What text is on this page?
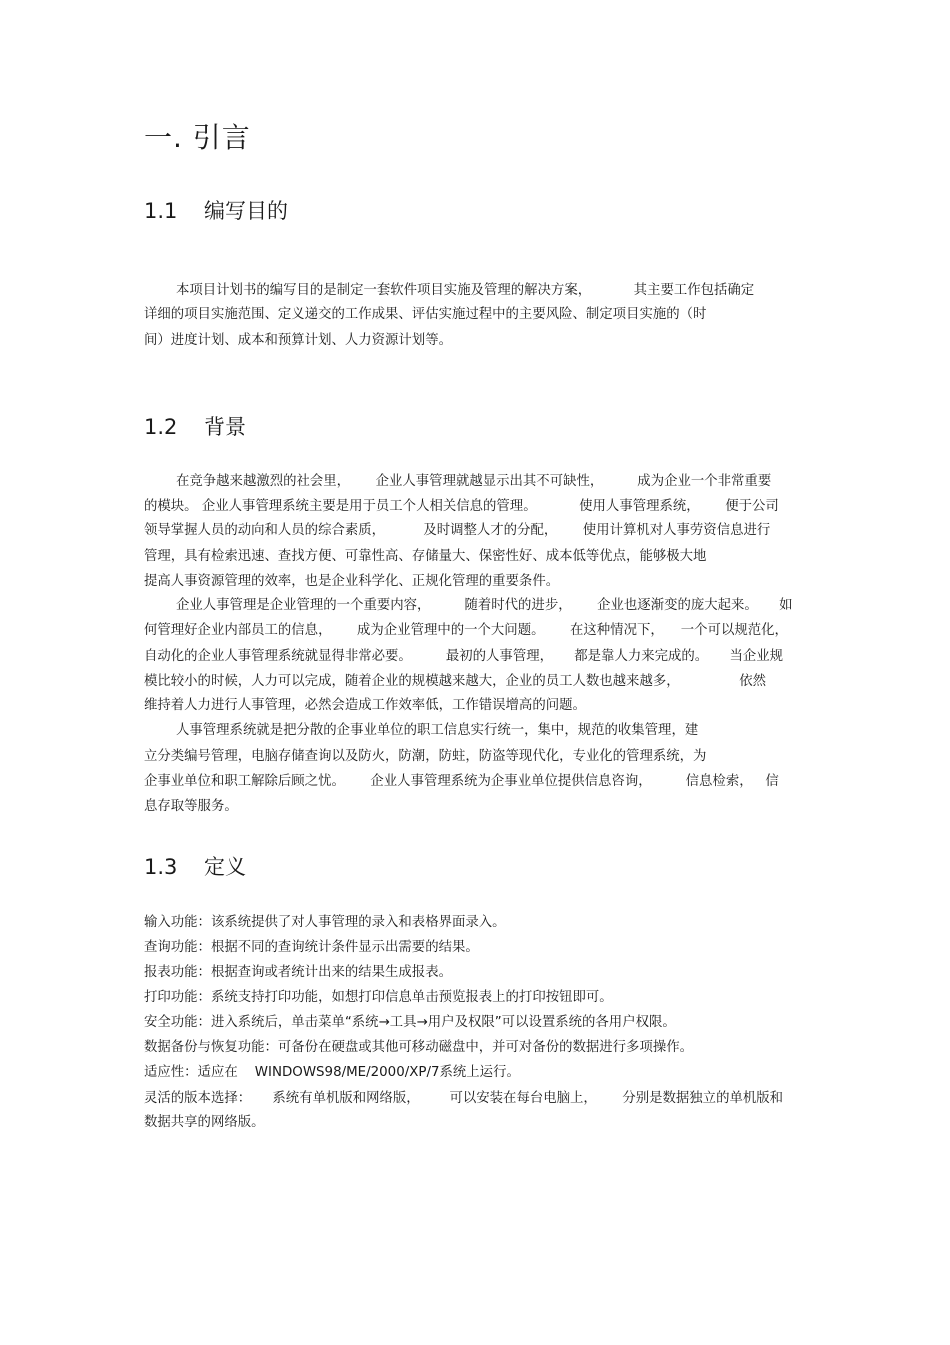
一. 引言
1.1 编写目的

本项目计划书的编写目的是制定一套软件项目实施及管理的解决方案，          其主要工作包括确定

详细的项目实施范围、定义递交的工作成果、评估实施过程中的主要风险、制定项目实施的（时

间）进度计划、成本和预算计划、人力资源计划等。

1.2 背景

在竞争越来越激烈的社会里，      企业人事管理就越显示出其不可缺性，        成为企业一个非常重要

的模块。 企业人事管理系统主要是用于员工个人相关信息的管理。          使用人事管理系统，      便于公司

领导掌握人员的动向和人员的综合素质，         及时调整人才的分配，      使用计算机对人事劳资信息进行

管理，具有检索迅速、查找方便、可靠性高、存储量大、保密性好、成本低等优点，能够极大地

提高人事资源管理的效率，也是企业科学化、正规化管理的重要条件。

企业人事管理是企业管理的一个重要内容，        随着时代的进步，      企业也逐渐变的庞大起来。     如

何管理好企业内部员工的信息，      成为企业管理中的一个大问题。      在这种情况下，    一个可以规范化，

自动化的企业人事管理系统就显得非常必要。        最初的人事管理，     都是靠人力来完成的。     当企业规

模比较小的时候，人力可以完成，随着企业的规模越来越大，企业的员工人数也越来越多，              依然

维持着人力进行人事管理，必然会造成工作效率低，工作错误增高的问题。

人事管理系统就是把分散的企事业单位的职工信息实行统一，集中，规范的收集管理，建

立分类编号管理，电脑存储查询以及防火，防潮，防蛀，防盗等现代化，专业化的管理系统，为

企事业单位和职工解除后顾之忧。      企业人事管理系统为企事业单位提供信息咨询，        信息检索，   信

息存取等服务。

1.3 定义

输入功能：该系统提供了对人事管理的录入和表格界面录入。

查询功能：根据不同的查询统计条件显示出需要的结果。

报表功能：根据查询或者统计出来的结果生成报表。

打印功能：系统支持打印功能，如想打印信息单击预览报表上的打印按钮即可。

安全功能：进入系统后，单击菜单“系统→工具→用户及权限”可以设置系统的各用户权限。

数据备份与恢复功能：可备份在硬盘或其他可移动磁盘中，并可对备份的数据进行多项操作。

适应性：适应在    WINDOWS98/ME/2000/XP/7系统上运行。

灵活的版本选择：     系统有单机版和网络版，       可以安装在每台电脑上，      分别是数据独立的单机版和

数据共享的网络版。
